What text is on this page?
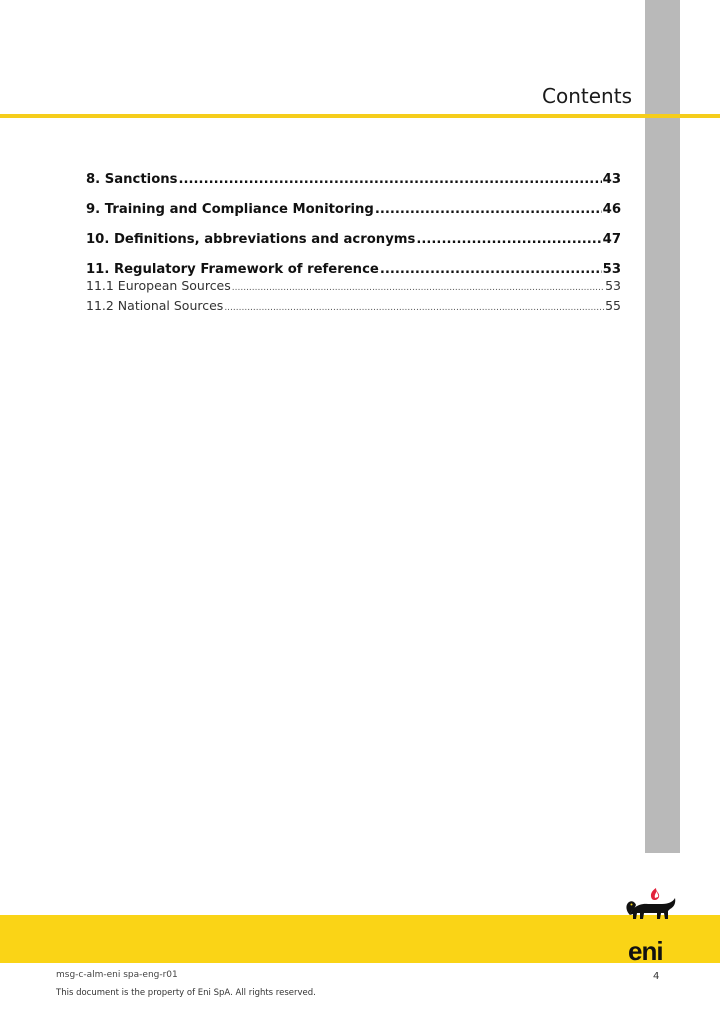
Contents
8. Sanctions .....	43
9. Training and Compliance Monitoring .....	46
10. Definitions, abbreviations and acronyms .....	47
11. Regulatory Framework of reference .....	53
11.1 European Sources .....	53
11.2 National Sources .....	55
eni
msg-c-alm-eni spa-eng-r01	4
This document is the property of Eni SpA. All rights reserved.
